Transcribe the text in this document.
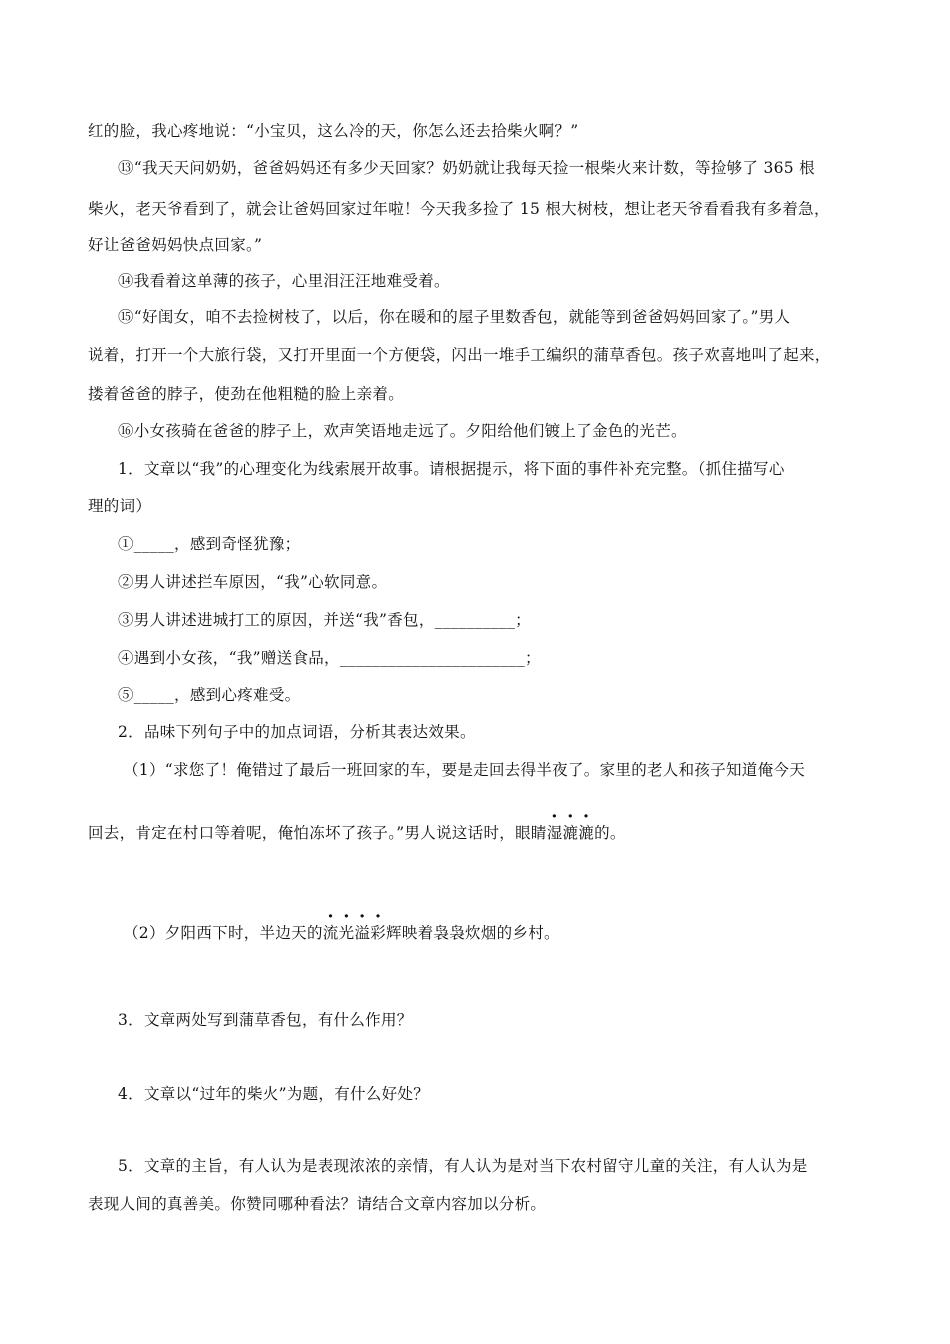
红的脸，我心疼地说：“小宝贝，这么冷的天，你怎么还去拾柴火啊？”
⑬“我天天问奶奶，爸爸妈妈还有多少天回家？奶奶就让我每天捡一根柴火来计数，等捡够了 365 根
柴火，老天爷看到了，就会让爸妈回家过年啦！今天我多捡了 15 根大树枝，想让老天爷看看我有多着急，
好让爸爸妈妈快点回家。”
⑭我看着这单薄的孩子，心里泪汪汪地难受着。
⑮“好闺女，咱不去捡树枝了，以后，你在暖和的屋子里数香包，就能等到爸爸妈妈回家了。”男人
说着，打开一个大旅行袋，又打开里面一个方便袋，闪出一堆手工编织的蒲草香包。孩子欢喜地叫了起来，
搂着爸爸的脖子，使劲在他粗糙的脸上亲着。
⑯小女孩骑在爸爸的脖子上，欢声笑语地走远了。夕阳给他们镀上了金色的光芒。
1．文章以“我”的心理变化为线索展开故事。请根据提示，将下面的事件补充完整。（抓住描写心
理的词）
①_____，感到奇怪犹豫；
②男人讲述拦车原因，“我”心软同意。
③男人讲述进城打工的原因，并送“我”香包，__________；
④遇到小女孩，“我”赠送食品，_______________________；
⑤_____，感到心疼难受。
2．品味下列句子中的加点词语，分析其表达效果。
（1）“求您了！俺错过了最后一班回家的车，要是走回去得半夜了。家里的老人和孩子知道俺今天
回去，肯定在村口等着呢，俺怕冻坏了孩子。”男人说这话时，眼睛湿漉漉的。
（2）夕阳西下时，半边天的流光溢彩辉映着袅袅炊烟的乡村。
3．文章两处写到蒲草香包，有什么作用？
4．文章以“过年的柴火”为题，有什么好处？
5．文章的主旨，有人认为是表现浓浓的亲情，有人认为是对当下农村留守儿童的关注，有人认为是
表现人间的真善美。你赞同哪种看法？请结合文章内容加以分析。
